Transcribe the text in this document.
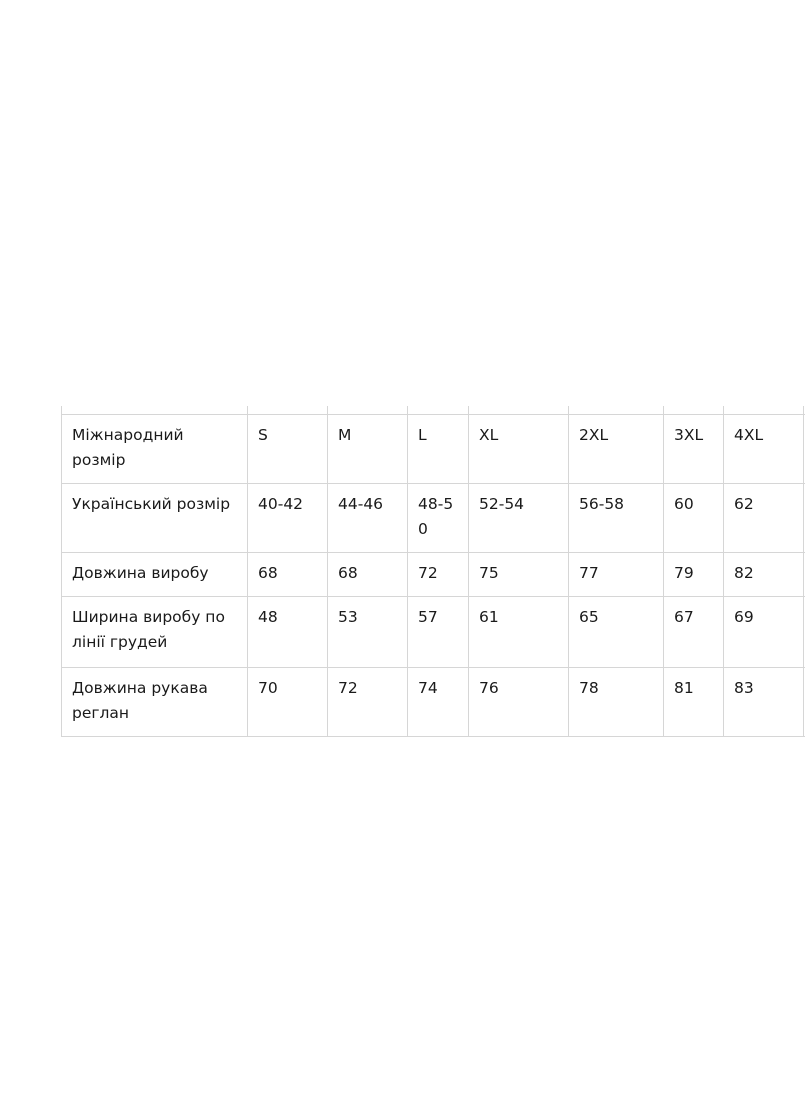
Міжнародний розмір	S	M	L	XL	2XL	3XL	4XL	
Український розмір	40-42	44-46	48-50	52-54	56-58	60	62	
Довжина виробу	68	68	72	75	77	79	82	
Ширина виробу по лінії грудей	48	53	57	61	65	67	69	
Довжина рукава реглан	70	72	74	76	78	81	83	
